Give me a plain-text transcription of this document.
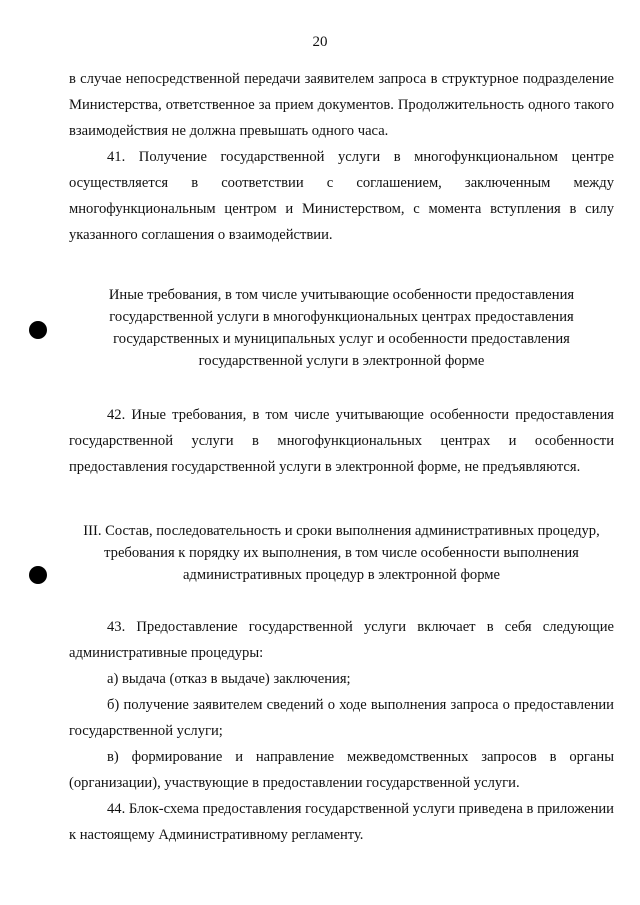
20

в случае непосредственной передачи заявителем запроса в структурное подразделение Министерства, ответственное за прием документов. Продолжительность одного такого взаимодействия не должна превышать одного часа.

41. Получение государственной услуги в многофункциональном центре осуществляется в соответствии с соглашением, заключенным между многофункциональным центром и Министерством, с момента вступления в силу указанного соглашения о взаимодействии.

Иные требования, в том числе учитывающие особенности предоставления государственной услуги в многофункциональных центрах предоставления государственных и муниципальных услуг и особенности предоставления государственной услуги в электронной форме

42. Иные требования, в том числе учитывающие особенности предоставления государственной услуги в многофункциональных центрах и особенности предоставления государственной услуги в электронной форме, не предъявляются.

III. Состав, последовательность и сроки выполнения административных процедур, требования к порядку их выполнения, в том числе особенности выполнения административных процедур в электронной форме

43. Предоставление государственной услуги включает в себя следующие административные процедуры:

а) выдача (отказ в выдаче) заключения;

б) получение заявителем сведений о ходе выполнения запроса о предоставлении государственной услуги;

в) формирование и направление межведомственных запросов в органы (организации), участвующие в предоставлении государственной услуги.

44. Блок-схема предоставления государственной услуги приведена в приложении к настоящему Административному регламенту.
